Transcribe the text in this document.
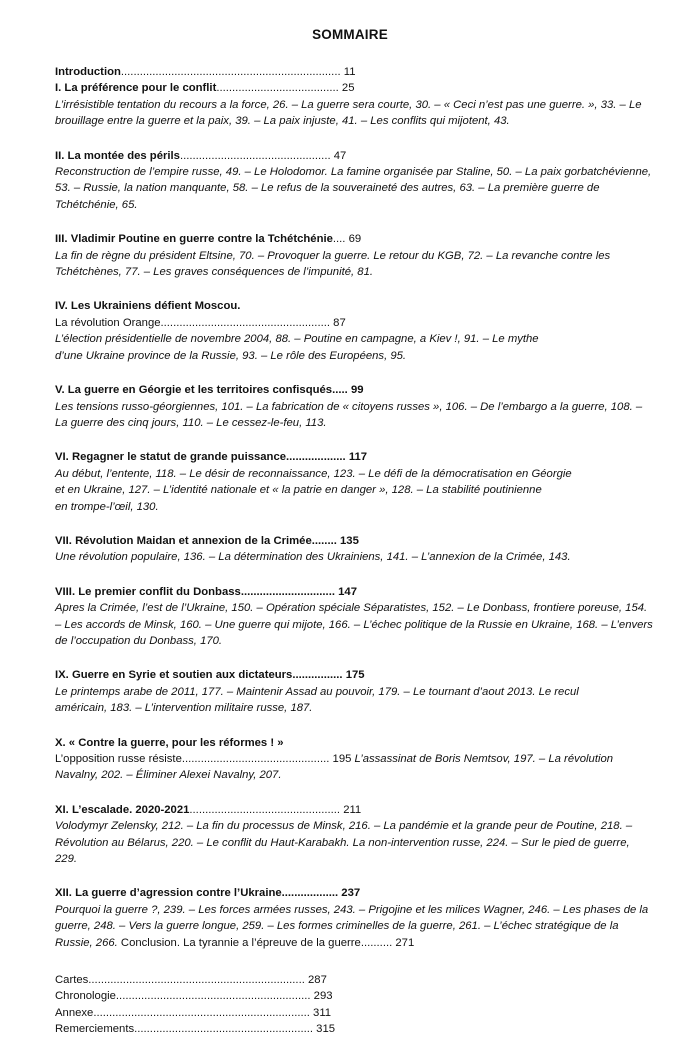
SOMMAIRE
Introduction...................................................................... 11
I. La préférence pour le conflit....................................... 25
L’irrésistible tentation du recours a la force, 26. – La guerre sera courte, 30. – « Ceci n’est pas une guerre. », 33. – Le
brouillage entre la guerre et la paix, 39. – La paix injuste, 41. – Les conflits qui mijotent, 43.
II. La montée des périls................................................ 47
Reconstruction de l’empire russe, 49. – Le Holodomor. La famine organisée par Staline, 50. – La paix gorbatchévienne,
53. – Russie, la nation manquante, 58. – Le refus de la souveraineté des autres, 63. – La première guerre de
Tchétchénie, 65.
III. Vladimir Poutine en guerre contre la Tchétchénie.... 69
La fin de règne du président Eltsine, 70. – Provoquer la guerre. Le retour du KGB, 72. – La revanche contre les
Tchétchènes, 77. – Les graves conséquences de l’impunité, 81.
IV. Les Ukrainiens défient Moscou.
La révolution Orange...................................................... 87
L’élection présidentielle de novembre 2004, 88. – Poutine en campagne, a Kiev !, 91. – Le mythe
d’une Ukraine province de la Russie, 93. – Le rôle des Européens, 95.
V. La guerre en Géorgie et les territoires confisqués..... 99
Les tensions russo-géorgiennes, 101. – La fabrication de « citoyens russes », 106. – De l’embargo a la guerre, 108. –
La guerre des cinq jours, 110. – Le cessez-le-feu, 113.
VI. Regagner le statut de grande puissance................... 117
Au début, l’entente, 118. – Le désir de reconnaissance, 123. – Le défi de la démocratisation en Géorgie
et en Ukraine, 127. – L’identité nationale et « la patrie en danger », 128. – La stabilité poutinienne
en trompe-l’œil, 130.
VII. Révolution Maidan et annexion de la Crimée........ 135
Une révolution populaire, 136. – La détermination des Ukrainiens, 141. – L’annexion de la Crimée, 143.
VIII. Le premier conflit du Donbass.............................. 147
Apres la Crimée, l’est de l’Ukraine, 150. – Opération spéciale Séparatistes, 152. – Le Donbass, frontiere poreuse, 154.
– Les accords de Minsk, 160. – Une guerre qui mijote, 166. – L’échec politique de la Russie en Ukraine, 168. – L’envers
de l’occupation du Donbass, 170.
IX. Guerre en Syrie et soutien aux dictateurs................ 175
Le printemps arabe de 2011, 177. – Maintenir Assad au pouvoir, 179. – Le tournant d’aout 2013. Le recul
américain, 183. – L’intervention militaire russe, 187.
X. « Contre la guerre, pour les réformes ! »
L’opposition russe résiste............................................... 195 L’assassinat de Boris Nemtsov, 197. – La révolution
Navalny, 202. – Éliminer Alexei Navalny, 207.
XI. L’escalade. 2020-2021................................................ 211
Volodymyr Zelensky, 212. – La fin du processus de Minsk, 216. – La pandémie et la grande peur de Poutine, 218. –
Révolution au Bélarus, 220. – Le conflit du Haut-Karabakh. La non-intervention russe, 224. – Sur le pied de guerre,
229.
XII. La guerre d’agression contre l’Ukraine.................. 237
Pourquoi la guerre ?, 239. – Les forces armées russes, 243. – Prigojine et les milices Wagner, 246. – Les phases de la
guerre, 248. – Vers la guerre longue, 259. – Les formes criminelles de la guerre, 261. – L’échec stratégique de la
Russie, 266. Conclusion. La tyrannie a l’épreuve de la guerre.......... 271
Cartes..................................................................... 287
Chronologie.............................................................. 293
Annexe..................................................................... 311
Remerciements......................................................... 315
